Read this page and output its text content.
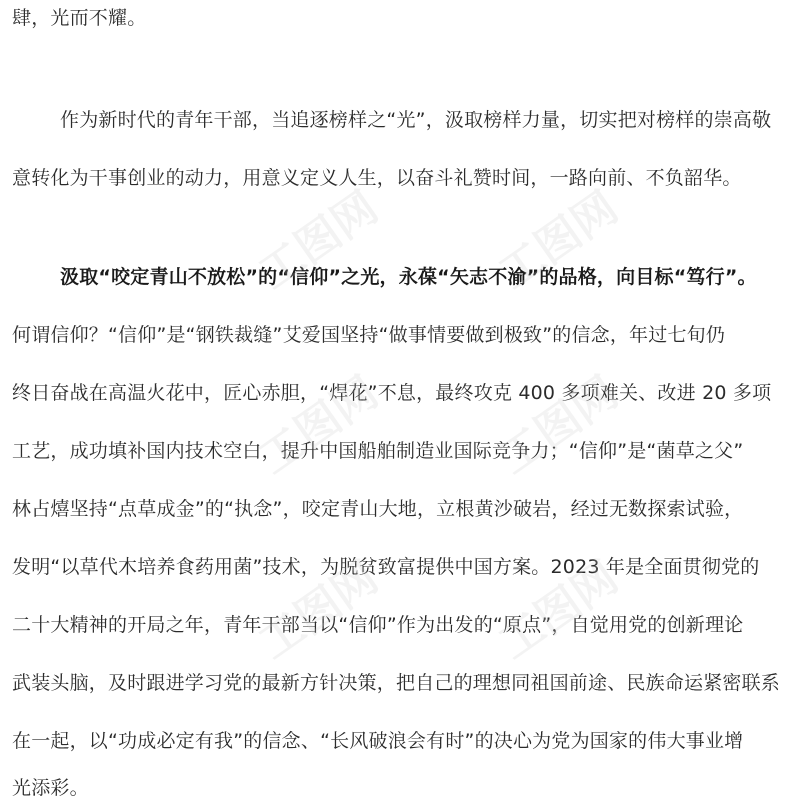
肆，光而不耀。

作为新时代的青年干部，当追逐榜样之“光”，汲取榜样力量，切实把对榜样的崇高敬

意转化为干事创业的动力，用意义定义人生，以奋斗礼赞时间，一路向前、不负韶华。

汲取“咬定青山不放松”的“信仰”之光，永葆“矢志不渝”的品格，向目标“笃行”。

何谓信仰？“信仰”是“钢铁裁缝”艾爱国坚持“做事情要做到极致”的信念，年过七旬仍

终日奋战在高温火花中，匠心赤胆，“焊花”不息，最终攻克 400 多项难关、改进 20 多项

工艺，成功填补国内技术空白，提升中国船舶制造业国际竞争力；“信仰”是“菌草之父”

林占熺坚持“点草成金”的“执念”，咬定青山大地，立根黄沙破岩，经过无数探索试验，

发明“以草代木培养食药用菌”技术，为脱贫致富提供中国方案。2023 年是全面贯彻党的

二十大精神的开局之年，青年干部当以“信仰”作为出发的“原点”，自觉用党的创新理论

武装头脑，及时跟进学习党的最新方针决策，把自己的理想同祖国前途、民族命运紧密联系

在一起，以“功成必定有我”的信念、“长风破浪会有时”的决心为党为国家的伟大事业增

光添彩。

工图网 工图网
工图网 工图网
工图网 工图网
